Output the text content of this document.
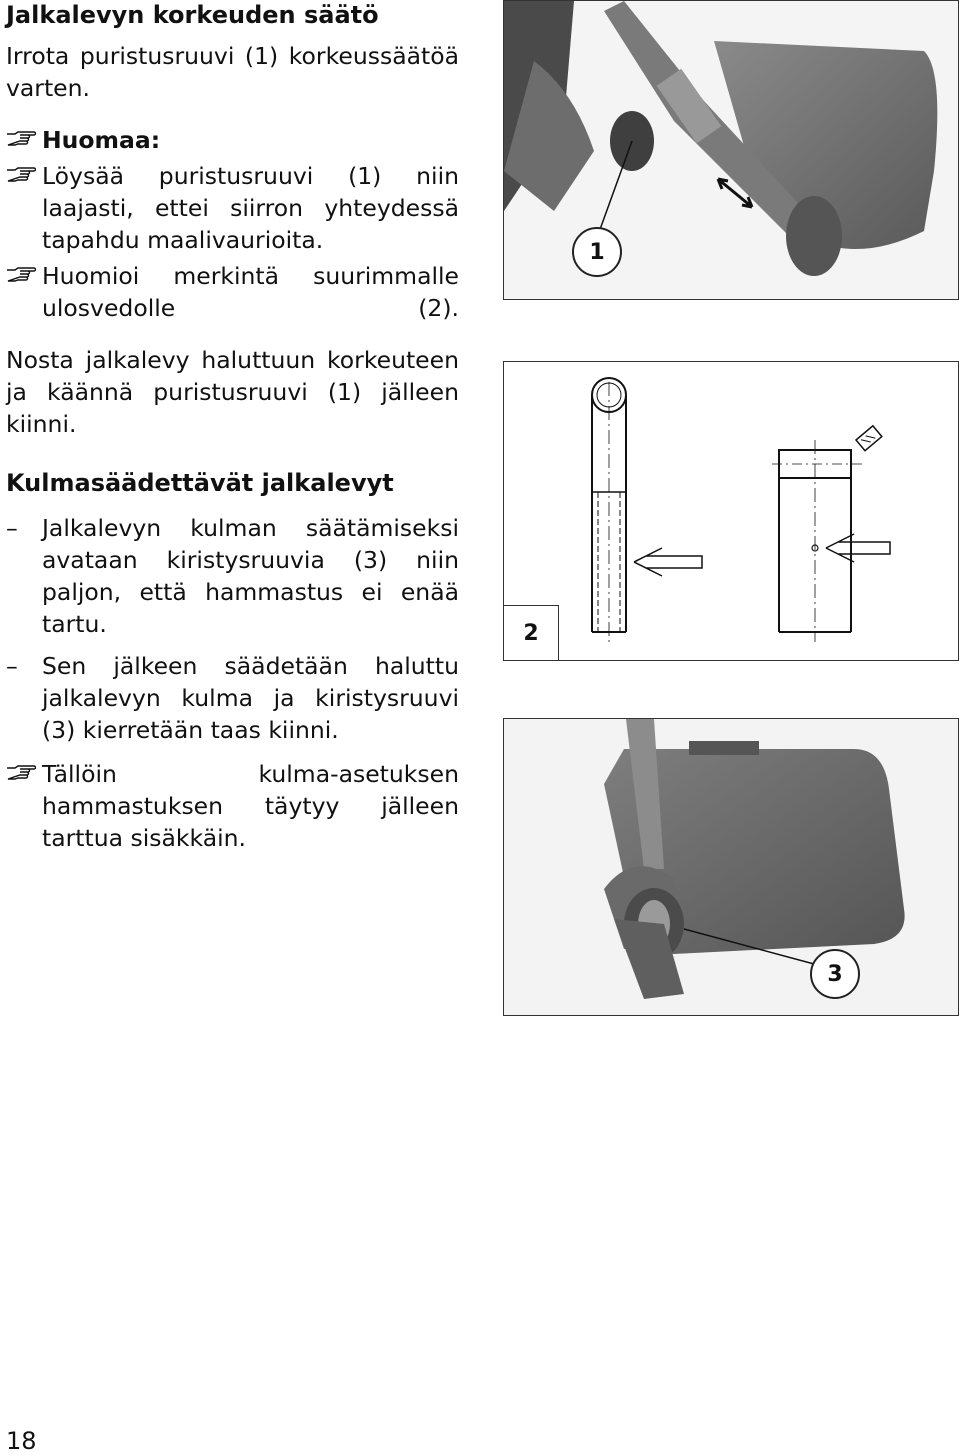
Jalkalevyn korkeuden säätö

Irrota puristusruuvi (1) korkeussäätöä varten.

Huomaa:
Löysää puristusruuvi (1) niin laajasti, ettei siirron yhteydessä tapahdu maalivaurioita.
Huomioi merkintä suurimmalle ulosvedolle (2).

Nosta jalkalevy haluttuun korkeuteen ja käännä puristusruuvi (1) jälleen kiinni.

Kulmasäädettävät jalkalevyt
– Jalkalevyn kulman säätämiseksi avataan kiristysruuvia (3) niin paljon, että hammastus ei enää tartu.
– Sen jälkeen säädetään haluttu jalkalevyn kulma ja kiristysruuvi (3) kierretään taas kiinni.
Tällöin kulma-asetuksen hammastuksen täytyy jälleen tarttua sisäkkäin.
1
2
3
18
